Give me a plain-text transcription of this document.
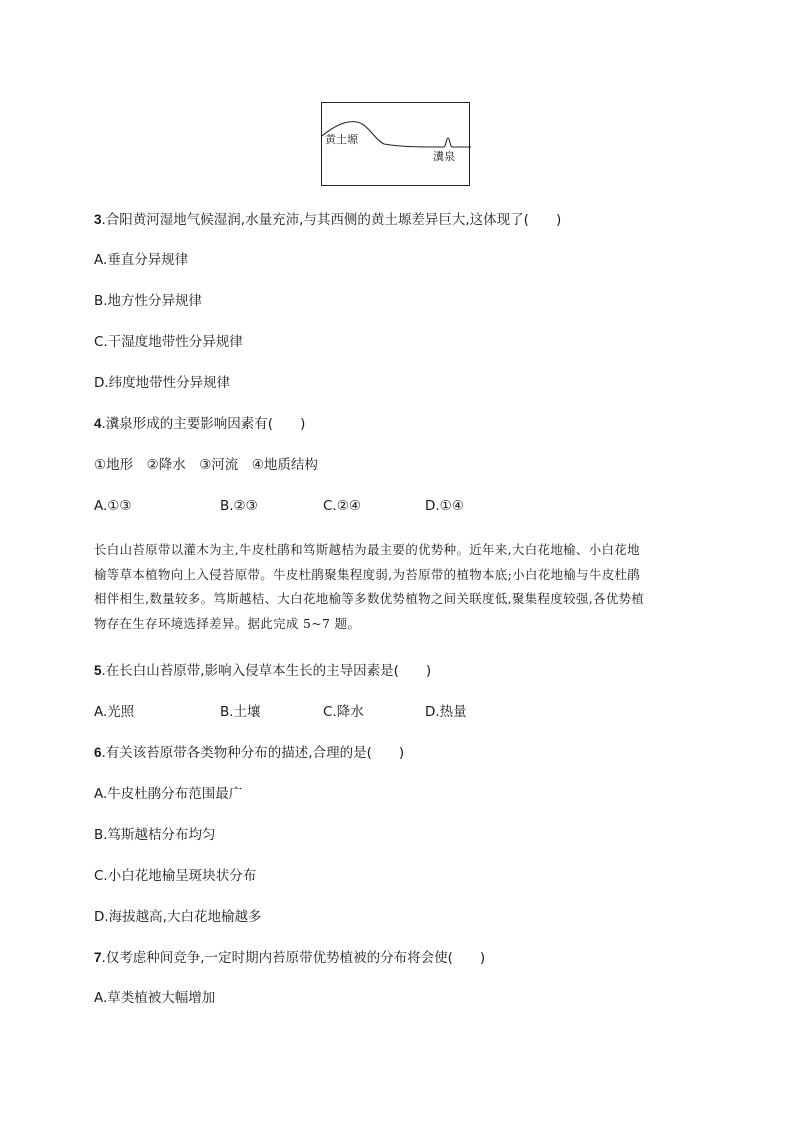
黄土塬
瀵泉
3.合阳黄河湿地气候湿润,水量充沛,与其西侧的黄土塬差异巨大,这体现了(　　)
A.垂直分异规律
B.地方性分异规律
C.干湿度地带性分异规律
D.纬度地带性分异规律
4.瀵泉形成的主要影响因素有(　　)
①地形　②降水　③河流　④地质结构
A.①③	B.②③	C.②④	D.①④

长白山苔原带以灌木为主,牛皮杜鹃和笃斯越桔为最主要的优势种。近年来,大白花地榆、小白花地

榆等草本植物向上入侵苔原带。牛皮杜鹃聚集程度弱,为苔原带的植物本底;小白花地榆与牛皮杜鹃

相伴相生,数量较多。笃斯越桔、大白花地榆等多数优势植物之间关联度低,聚集程度较强,各优势植

物存在生存环境选择差异。据此完成 5~7 题。

5.在长白山苔原带,影响入侵草本生长的主导因素是(　　)
A.光照	B.土壤	C.降水	D.热量
6.有关该苔原带各类物种分布的描述,合理的是(　　)
A.牛皮杜鹃分布范围最广
B.笃斯越桔分布均匀
C.小白花地榆呈斑块状分布
D.海拔越高,大白花地榆越多
7.仅考虑种间竞争,一定时期内苔原带优势植被的分布将会使(　　)
A.草类植被大幅增加
